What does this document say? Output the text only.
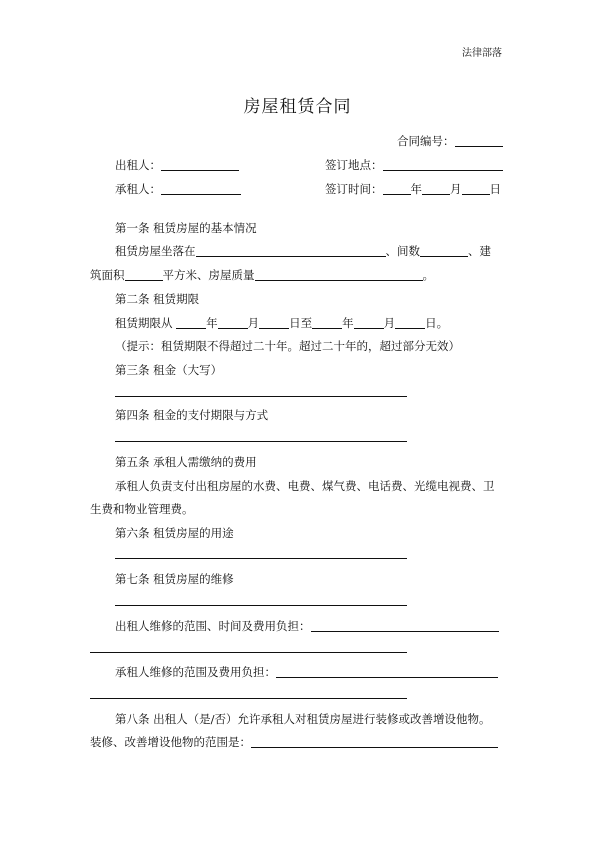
法律部落
房屋租赁合同
合同编号：
出租人：	签订地点：
承租人：	签订时间： 年 月 日
第一条 租赁房屋的基本情况
租赁房屋坐落在	、间数	、建
筑面积	平方米、房屋质量	。
第二条 租赁期限
租赁期限从	年	月	日至	年	月	日。
（提示：租赁期限不得超过二十年。超过二十年的，超过部分无效）
第三条 租金（大写）
第四条 租金的支付期限与方式
第五条 承租人需缴纳的费用
承租人负责支付出租房屋的水费、电费、煤气费、电话费、光缆电视费、卫
生费和物业管理费。
第六条 租赁房屋的用途
第七条 租赁房屋的维修
出租人维修的范围、时间及费用负担：
承租人维修的范围及费用负担：
第八条 出租人（是/否）允许承租人对租赁房屋进行装修或改善增设他物。
装修、改善增设他物的范围是：
